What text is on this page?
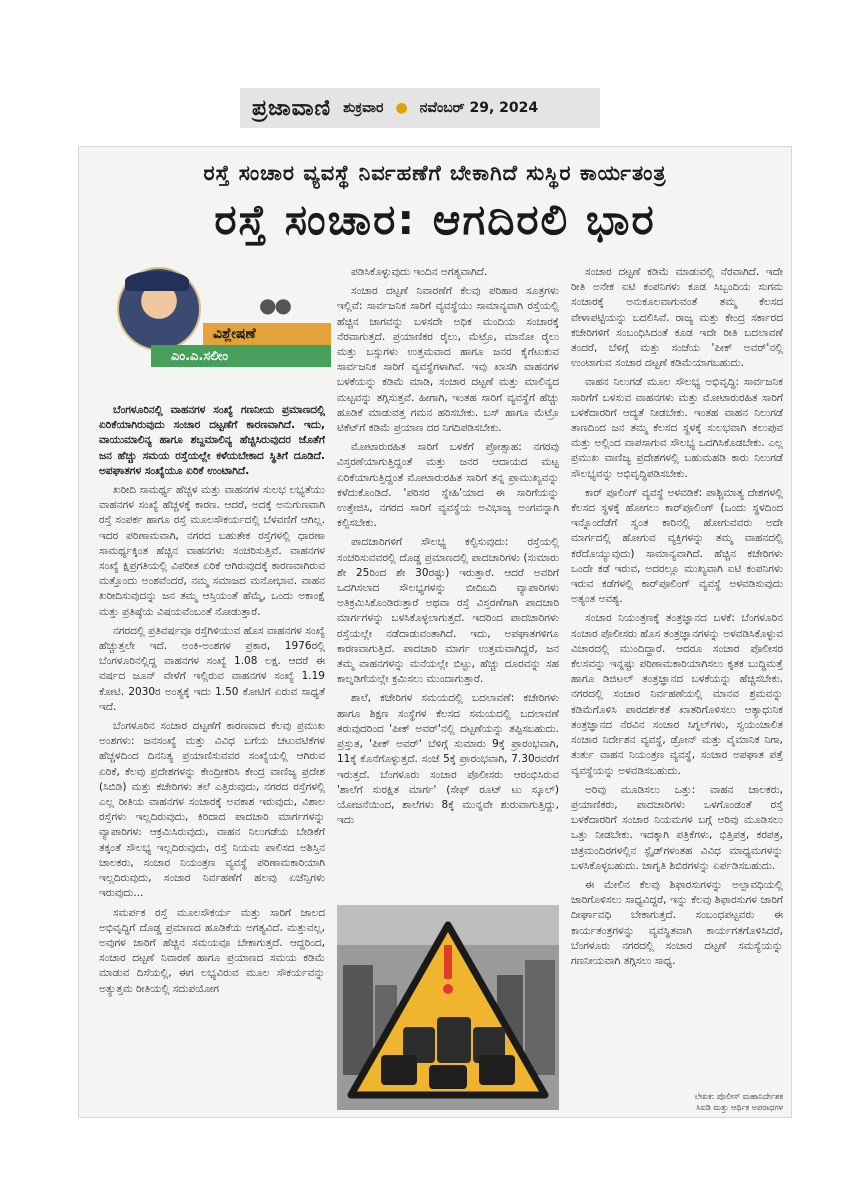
ಪ್ರಜಾವಾಣಿ ಶುಕ್ರವಾರ ● ನವೆಂಬರ್ 29, 2024
ರಸ್ತೆ ಸಂಚಾರ ವ್ಯವಸ್ಥೆ ನಿರ್ವಹಣೆಗೆ ಬೇಕಾಗಿದೆ ಸುಸ್ಥಿರ ಕಾರ್ಯತಂತ್ರ
ರಸ್ತೆ ಸಂಚಾರ: ಆಗದಿರಲಿ ಭಾರ
●●
ವಿಶ್ಲೇಷಣೆ
ಎಂ.ಎ.ಸಲೀಂ

ಬೆಂಗಳೂರಿನಲ್ಲಿ ವಾಹನಗಳ ಸಂಖ್ಯೆ ಗಣನೀಯ ಪ್ರಮಾಣದಲ್ಲಿ ಏರಿಕೆಯಾಗಿರುವುದು ಸಂಚಾರ ದಟ್ಟಣೆಗೆ ಕಾರಣವಾಗಿದೆ. ಇದು, ವಾಯುಮಾಲಿನ್ಯ ಹಾಗೂ ಶಬ್ದಮಾಲಿನ್ಯ ಹೆಚ್ಚಿಸಿರುವುದರ ಜೊತೆಗೆ ಜನ ಹೆಚ್ಚು ಸಮಯ ರಸ್ತೆಯಲ್ಲೇ ಕಳೆಯಬೇಕಾದ ಸ್ಥಿತಿಗೆ ದೂಡಿದೆ. ಅಪಘಾತಗಳ ಸಂಖ್ಯೆಯೂ ಏರಿಕೆ ಉಂಟಾಗಿದೆ.

ಖರೀದಿ ಸಾಮರ್ಥ್ಯ ಹೆಚ್ಚಳ ಮತ್ತು ವಾಹನಗಳ ಸುಲಭ ಲಭ್ಯತೆಯು ವಾಹನಗಳ ಸಂಖ್ಯೆ ಹೆಚ್ಚಳಕ್ಕೆ ಕಾರಣ. ಆದರೆ, ಅದಕ್ಕೆ ಅನುಗುಣವಾಗಿ ರಸ್ತೆ ಸಂಪರ್ಕ ಹಾಗೂ ರಸ್ತೆ ಮೂಲಸೌಕರ್ಯದಲ್ಲಿ ಬೆಳವಣಿಗೆ ಆಗಿಲ್ಲ. ಇದರ ಪರಿಣಾಮವಾಗಿ, ನಗರದ ಬಹುತೇಕ ರಸ್ತೆಗಳಲ್ಲಿ ಧಾರಣಾ ಸಾಮರ್ಥ್ಯಕ್ಕಿಂತ ಹೆಚ್ಚಿನ ವಾಹನಗಳು ಸಂಚರಿಸುತ್ತಿವೆ. ವಾಹನಗಳ ಸಂಖ್ಯೆ ಕ್ಷಿಪ್ರಗತಿಯಲ್ಲಿ ವಿಪರೀತ ಏರಿಕೆ ಆಗಿರುವುದಕ್ಕೆ ಕಾರಣವಾಗಿರುವ ಮತ್ತೊಂದು ಅಂಶವೆಂದರೆ, ನಮ್ಮ ಸಮಾಜದ ಮನೋಭಾವ. ವಾಹನ ಖರೀದಿಸುವುದನ್ನು ಜನ ತಮ್ಮ ಆಸ್ತಿಯಂತೆ ಹೆಮ್ಮೆ, ಒಂದು ಅಕಾಂಕ್ಷೆ ಮತ್ತು ಪ್ರತಿಷ್ಠೆಯ ವಿಷಯವೆಂಬಂತೆ ನೋಡುತ್ತಾರೆ.

ನಗರದಲ್ಲಿ ಪ್ರತಿವರ್ಷವೂ ರಸ್ತೆಗಿಳಿಯುವ ಹೊಸ ವಾಹನಗಳ ಸಂಖ್ಯೆ ಹೆಚ್ಚುತ್ತಲೇ ಇದೆ. ಅಂಕಿ-ಅಂಶಗಳ ಪ್ರಕಾರ, 1976ರಲ್ಲಿ ಬೆಂಗಳೂರಿನಲ್ಲಿದ್ದ ವಾಹನಗಳ ಸಂಖ್ಯೆ 1.08 ಲಕ್ಷ. ಆದರೆ ಈ ವರ್ಷದ ಜೂನ್ ವೇಳೆಗೆ ಇಲ್ಲಿರುವ ವಾಹನಗಳ ಸಂಖ್ಯೆ 1.19 ಕೋಟಿ. 2030ರ ಅಂತ್ಯಕ್ಕೆ ಇದು 1.50 ಕೋಟಿಗೆ ಏರುವ ಸಾಧ್ಯತೆ ಇದೆ.

ಬೆಂಗಳೂರಿನ ಸಂಚಾರ ದಟ್ಟಣೆಗೆ ಕಾರಣವಾದ ಕೆಲವು ಪ್ರಮುಖ ಅಂಶಗಳು: ಜನಸಂಖ್ಯೆ ಮತ್ತು ವಿವಿಧ ಬಗೆಯ ಚಟುವಟಿಕೆಗಳ ಹೆಚ್ಚಳದಿಂದ ದಿನನಿತ್ಯ ಪ್ರಯಾಣಿಸುವವರ ಸಂಖ್ಯೆಯಲ್ಲಿ ಆಗಿರುವ ಏರಿಕೆ, ಕೆಲವು ಪ್ರದೇಶಗಳನ್ನು ಕೇಂದ್ರೀಕರಿಸಿ ಕೇಂದ್ರ ವಾಣಿಜ್ಯ ಪ್ರದೇಶ (ಸಿಬಿಡಿ) ಮತ್ತು ಕಚೇರಿಗಳು ತಲೆ ಎತ್ತಿರುವುದು, ನಗರದ ರಸ್ತೆಗಳಲ್ಲಿ ಎಲ್ಲ ರೀತಿಯ ವಾಹನಗಳ ಸಂಚಾರಕ್ಕೆ ಅವಕಾಶ ಇರುವುದು, ವಿಶಾಲ ರಸ್ತೆಗಳು ಇಲ್ಲದಿರುವುದು, ಕಿರಿದಾದ ಪಾದಚಾರಿ ಮಾರ್ಗಗಳನ್ನು ವ್ಯಾಪಾರಿಗಳು ಆಕ್ರಮಿಸಿರುವುದು, ವಾಹನ ನಿಲುಗಡೆಯ ಬೇಡಿಕೆಗೆ ತಕ್ಕಂತೆ ಸೌಲಭ್ಯ ಇಲ್ಲದಿರುವುದು, ರಸ್ತೆ ನಿಯಮ ಪಾಲಿಸದ ಅಶಿಸ್ತಿನ ಚಾಲಕರು, ಸಂಚಾರ ನಿಯಂತ್ರಣ ವ್ಯವಸ್ಥೆ ಪರಿಣಾಮಕಾರಿಯಾಗಿ ಇಲ್ಲದಿರುವುದು, ಸಂಚಾರ ನಿರ್ವಹಣೆಗೆ ಹಲವು ಏಜೆನ್ಸಿಗಳು ಇರುವುದು...

ಸಮರ್ಪಕ ರಸ್ತೆ ಮೂಲಸೌಕರ್ಯ ಮತ್ತು ಸಾರಿಗೆ ಜಾಲದ ಅಭಿವೃದ್ಧಿಗೆ ದೊಡ್ಡ ಪ್ರಮಾಣದ ಹೂಡಿಕೆಯ ಅಗತ್ಯವಿದೆ. ಮತ್ತುವಲ್ಲ, ಅವುಗಳ ಜಾರಿಗೆ ಹೆಚ್ಚಿನ ಸಮಯವೂ ಬೇಕಾಗುತ್ತದೆ. ಆದ್ದರಿಂದ, ಸಂಚಾರ ದಟ್ಟಣೆ ನಿವಾರಣೆ ಹಾಗೂ ಪ್ರಯಾಣದ ಸಮಯ ಕಡಿಮೆ ಮಾಡುವ ದಿಸೆಯಲ್ಲಿ, ಈಗ ಲಭ್ಯವಿರುವ ಮೂಲ ಸೌಕರ್ಯವನ್ನು ಅತ್ಯುತ್ತಮ ರೀತಿಯಲ್ಲಿ ಸದುಪಯೋಗ

ಪಡಿಸಿಕೊಳ್ಳುವುದು ಇಂದಿನ ಅಗತ್ಯವಾಗಿದೆ.

ಸಂಚಾರ ದಟ್ಟಣೆ ನಿವಾರಣೆಗೆ ಕೆಲವು ಪರಿಹಾರ ಸೂತ್ರಗಳು ಇಲ್ಲಿವೆ: ಸಾರ್ವಜನಿಕ ಸಾರಿಗೆ ವ್ಯವಸ್ಥೆಯು ಸಾಮಾನ್ಯವಾಗಿ ರಸ್ತೆಯಲ್ಲಿ ಹೆಚ್ಚಿನ ಜಾಗವನ್ನು ಬಳಸದೇ ಅಧಿಕ ಮಂದಿಯ ಸಂಚಾರಕ್ಕೆ ನೆರವಾಗುತ್ತದೆ. ಪ್ರಯಾಣಿಕರ ರೈಲು, ಮೆಟ್ರೊ, ಮಾನೋ ರೈಲು ಮತ್ತು ಬಸ್ಸುಗಳು ಉತ್ತಮವಾದ ಹಾಗೂ ಜನರ ಕೈಗೆಟುಕುವ ಸಾರ್ವಜನಿಕ ಸಾರಿಗೆ ವ್ಯವಸ್ಥೆಗಳಾಗಿವೆ. ಇವು ಖಾಸಗಿ ವಾಹನಗಳ ಬಳಕೆಯನ್ನು ಕಡಿಮೆ ಮಾಡಿ, ಸಂಚಾರ ದಟ್ಟಣೆ ಮತ್ತು ಮಾಲಿನ್ಯದ ಮಟ್ಟವನ್ನು ತಗ್ಗಿಸುತ್ತವೆ. ಹೀಗಾಗಿ, ಇಂತಹ ಸಾರಿಗೆ ವ್ಯವಸ್ಥೆಗೆ ಹೆಚ್ಚು ಹೂಡಿಕೆ ಮಾಡುವತ್ತ ಗಮನ ಹರಿಸಬೇಕು. ಬಸ್ ಹಾಗೂ ಮೆಟ್ರೊ ಟಿಕೆಟ್‌ಗೆ ಕಡಿಮೆ ಪ್ರಯಾಣ ದರ ನಿಗದಿಪಡಿಸಬೇಕು.

ಮೋಟಾರುರಹಿತ ಸಾರಿಗೆ ಬಳಕೆಗೆ ಪ್ರೋತ್ಸಾಹ: ನಗರವು ವಿಸ್ತರಣೆಯಾಗುತ್ತಿದ್ದಂತೆ ಮತ್ತು ಜನರ ಆದಾಯದ ಮಟ್ಟ ಏರಿಕೆಯಾಗುತ್ತಿದ್ದಂತೆ ಮೋಟಾರುರಹಿತ ಸಾರಿಗೆ ತನ್ನ ಪ್ರಾಮುಖ್ಯವನ್ನು ಕಳೆದುಕೊಂಡಿದೆ. 'ಪರಿಸರ ಸ್ನೇಹಿ'ಯಾದ ಈ ಸಾರಿಗೆಯನ್ನು ಉತ್ತೇಜಿಸಿ, ನಗರದ ಸಾರಿಗೆ ವ್ಯವಸ್ಥೆಯ ಅವಿಭಾಜ್ಯ ಅಂಗವನ್ನಾಗಿ ಕಲ್ಪಿಸಬೇಕು.

ಪಾದಚಾರಿಗಳಿಗೆ ಸೌಲಭ್ಯ ಕಲ್ಪಿಸುವುದು: ರಸ್ತೆಯಲ್ಲಿ ಸಂಚರಿಸುವವರಲ್ಲಿ ದೊಡ್ಡ ಪ್ರಮಾಣದಲ್ಲಿ ಪಾದಚಾರಿಗಳು (ಸುಮಾರು ಶೇ 25ರಿಂದ ಶೇ 30ರಷ್ಟು) ಇರುತ್ತಾರೆ. ಆದರೆ ಅವರಿಗೆ ಒದಗಿಸಲಾದ ಸೌಲಭ್ಯಗಳನ್ನು ಬೀದಿಬದಿ ವ್ಯಾಪಾರಿಗಳು ಅತಿಕ್ರಮಿಸಿಕೊಂಡಿರುತ್ತಾರೆ ಅಥವಾ ರಸ್ತೆ ವಿಸ್ತರಣೆಗಾಗಿ ಪಾದಚಾರಿ ಮಾರ್ಗಗಳನ್ನು ಬಳಸಿಕೊಳ್ಳಲಾಗುತ್ತದೆ. ಇದರಿಂದ ಪಾದಚಾರಿಗಳು ರಸ್ತೆಯಲ್ಲೇ ನಡೆದಾಡುವಂತಾಗಿದೆ. ಇದು, ಅಪಘಾತಗಳಿಗೂ ಕಾರಣವಾಗುತ್ತಿದೆ. ಪಾದಚಾರಿ ಮಾರ್ಗ ಉತ್ತಮವಾಗಿದ್ದರೆ, ಜನ ತಮ್ಮ ವಾಹನಗಳನ್ನು ಮನೆಯಲ್ಲೇ ಬಿಟ್ಟು, ಹೆಚ್ಚು ದೂರವನ್ನು ಸಹ ಕಾಲ್ನಡಿಗೆಯಲ್ಲೇ ಕ್ರಮಿಸಲು ಮುಂದಾಗುತ್ತಾರೆ.

ಶಾಲೆ, ಕಚೇರಿಗಳ ಸಮಯದಲ್ಲಿ ಬದಲಾವಣೆ: ಕಚೇರಿಗಳು ಹಾಗೂ ಶಿಕ್ಷಣ ಸಂಸ್ಥೆಗಳ ಕೆಲಸದ ಸಮಯದಲ್ಲಿ ಬದಲಾವಣೆ ತರುವುದರಿಂದ 'ಪೀಕ್ ಅವರ್'ನಲ್ಲಿ ದಟ್ಟಣೆಯನ್ನು ತಪ್ಪಿಸಬಹುದು. ಪ್ರಸ್ತುತ, 'ಪೀಕ್ ಅವರ್' ಬೆಳಿಗ್ಗೆ ಸುಮಾರು 9ಕ್ಕೆ ಪ್ರಾರಂಭವಾಗಿ, 11ಕ್ಕೆ ಕೊನೆಗೊಳ್ಳುತ್ತದೆ. ಸಂಜೆ 5ಕ್ಕೆ ಪ್ರಾರಂಭವಾಗಿ, 7.30ರವರೆಗೆ ಇರುತ್ತದೆ. ಬೆಂಗಳೂರು ಸಂಚಾರ ಪೊಲೀಸರು ಆರಂಭಿಸಿರುವ 'ಶಾಲೆಗೆ ಸುರಕ್ಷಿತ ಮಾರ್ಗ' (ಸೇಫ್ ರೂಟ್ ಟು ಸ್ಕೂಲ್) ಯೋಜನೆಯಿಂದ, ಶಾಲೆಗಳು 8ಕ್ಕೆ ಮುನ್ನವೇ ಶುರುವಾಗುತ್ತಿದ್ದು, ಇದು

ಸಂಚಾರ ದಟ್ಟಣೆ ಕಡಿಮೆ ಮಾಡುವಲ್ಲಿ ನೆರವಾಗಿದೆ. ಇದೇ ರೀತಿ ಅನೇಕ ಐಟಿ ಕಂಪನಿಗಳು ಕೂಡ ಸಿಬ್ಬಂದಿಯ ಸುಗಮ ಸಂಚಾರಕ್ಕೆ ಅನುಕೂಲವಾಗುವಂತೆ ತಮ್ಮ ಕೆಲಸದ ವೇಳಾಪಟ್ಟಿಯನ್ನು ಬದಲಿಸಿವೆ. ರಾಜ್ಯ ಮತ್ತು ಕೇಂದ್ರ ಸರ್ಕಾರದ ಕಚೇರಿಗಳಿಗೆ ಸಂಬಂಧಿಸಿದಂತೆ ಕೂಡ ಇದೇ ರೀತಿ ಬದಲಾವಣೆ ತಂದರೆ, ಬೆಳಿಗ್ಗೆ ಮತ್ತು ಸಂಜೆಯ 'ಪೀಕ್ ಅವರ್'ನಲ್ಲಿ ಉಂಟಾಗುವ ಸಂಚಾರ ದಟ್ಟಣೆ ಕಡಿಮೆಯಾಗಬಹುದು.

ವಾಹನ ನಿಲುಗಡೆ ಮೂಲ ಸೌಲಭ್ಯ ಅಭಿವೃದ್ಧಿ: ಸಾರ್ವಜನಿಕ ಸಾರಿಗೆಗೆ ಬಳಸುವ ವಾಹನಗಳು ಮತ್ತು ಮೋಟಾರುರಹಿತ ಸಾರಿಗೆ ಬಳಕೆದಾರರಿಗೆ ಆದ್ಯತೆ ನೀಡಬೇಕು. ಇಂತಹ ವಾಹನ ನಿಲುಗಡೆ ತಾಣದಿಂದ ಜನ ತಮ್ಮ ಕೆಲಸದ ಸ್ಥಳಕ್ಕೆ ಸುಲಭವಾಗಿ ತಲುಪುವ ಮತ್ತು ಅಲ್ಲಿಂದ ವಾಪಸಾಗುವ ಸೌಲಭ್ಯ ಒದಗಿಸಿಕೊಡಬೇಕು. ಎಲ್ಲ ಪ್ರಮುಖ ವಾಣಿಜ್ಯ ಪ್ರದೇಶಗಳಲ್ಲಿ ಬಹುಮಹಡಿ ಕಾರು ನಿಲುಗಡೆ ಸೌಲಭ್ಯವನ್ನು ಅಭಿವೃದ್ಧಿಪಡಿಸಬೇಕು.

ಕಾರ್ ಪೂಲಿಂಗ್ ವ್ಯವಸ್ಥೆ ಅಳವಡಿಕೆ: ಪಾಶ್ಚಿಮಾತ್ಯ ದೇಶಗಳಲ್ಲಿ ಕೆಲಸದ ಸ್ಥಳಕ್ಕೆ ಹೋಗಲು ಕಾರ್‌ಪೂಲಿಂಗ್ (ಒಂದು ಸ್ಥಳದಿಂದ ಇನ್ನೊಂದೆಡೆಗೆ ಸ್ವಂತ ಕಾರಿನಲ್ಲಿ ಹೋಗುವವರು ಅದೇ ಮಾರ್ಗದಲ್ಲಿ ಹೋಗುವ ವ್ಯಕ್ತಿಗಳನ್ನು ತಮ್ಮ ವಾಹನದಲ್ಲಿ ಕರೆದೊಯ್ಯುವುದು) ಸಾಮಾನ್ಯವಾಗಿದೆ. ಹೆಚ್ಚಿನ ಕಚೇರಿಗಳು ಒಂದೇ ಕಡೆ ಇರುವ, ಅದರಲ್ಲೂ ಮುಖ್ಯವಾಗಿ ಐಟಿ ಕಂಪನಿಗಳು ಇರುವ ಕಡೆಗಳಲ್ಲಿ ಕಾರ್‌ಪೂಲಿಂಗ್ ವ್ಯವಸ್ಥೆ ಅಳವಡಿಸುವುದು ಅತ್ಯಂತ ಅವಶ್ಯ.

ಸಂಚಾರ ನಿಯಂತ್ರಣಕ್ಕೆ ತಂತ್ರಜ್ಞಾನದ ಬಳಕೆ: ಬೆಂಗಳೂರಿನ ಸಂಚಾರ ಪೊಲೀಸರು ಹೊಸ ತಂತ್ರಜ್ಞಾನಗಳನ್ನು ಅಳವಡಿಸಿಕೊಳ್ಳುವ ವಿಚಾರದಲ್ಲಿ ಮುಂದಿದ್ದಾರೆ. ಆದರೂ ಸಂಚಾರ ಪೊಲೀಸರ ಕೆಲಸವನ್ನು ಇನ್ನಷ್ಟು ಪರಿಣಾಮಕಾರಿಯಾಗಿಸಲು ಕೃತಕ ಬುದ್ಧಿಮತ್ತೆ ಹಾಗೂ ಡಿಜಿಟಲ್ ತಂತ್ರಜ್ಞಾನದ ಬಳಕೆಯನ್ನು ಹೆಚ್ಚಿಸಬೇಕು. ನಗರದಲ್ಲಿ ಸಂಚಾರ ನಿರ್ವಹಣೆಯಲ್ಲಿ ಮಾನವ ಶ್ರಮವನ್ನು ಕಡಿಮೆಗೊಳಿಸಿ ಪಾರದರ್ಶಕತೆ ಖಾತರಿಗೊಳಿಸಲು ಆತ್ಯಾಧುನಿಕ ತಂತ್ರಜ್ಞಾನದ ನೆರವಿನ ಸಂಚಾರ ಸಿಗ್ನಲ್‌ಗಳು, ಸ್ವಯಂಚಾಲಿತ ಸಂಚಾರ ನಿರ್ದೇಶನ ವ್ಯವಸ್ಥೆ, ಡ್ರೋನ್ ಮತ್ತು ವೈಮಾನಿಕ ನಿಗಾ, ತುರ್ತು ವಾಹನ ನಿಯಂತ್ರಣ ವ್ಯವಸ್ಥೆ, ಸಂಚಾರ ಅಪಘಾತ ಪತ್ತೆ ವ್ಯವಸ್ಥೆಯನ್ನು ಅಳವಡಿಸಬಹುದು.

ಅರಿವು ಮೂಡಿಸಲು ಒತ್ತು: ವಾಹನ ಚಾಲಕರು, ಪ್ರಯಾಣಿಕರು, ಪಾದಚಾರಿಗಳು ಒಳಗೊಂಡಂತೆ ರಸ್ತೆ ಬಳಕೆದಾರರಿಗೆ ಸಂಚಾರ ನಿಯಮಗಳ ಬಗ್ಗೆ ಅರಿವು ಮೂಡಿಸಲು ಒತ್ತು ನೀಡಬೇಕು. ಇದಕ್ಕಾಗಿ ಪತ್ರಿಕೆಗಳು, ಭಿತ್ತಿಪತ್ರ, ಕರಪತ್ರ, ಚಿತ್ರಮಂದಿರಗಳಲ್ಲಿನ ಸ್ಲೈಡ್‌ಗಳಂತಹ ವಿವಿಧ ಮಾಧ್ಯಮಗಳನ್ನು ಬಳಸಿಕೊಳ್ಳಬಹುದು. ಜಾಗೃತಿ ಶಿಬಿರಗಳನ್ನು ಏರ್ಪಡಿಸಬಹುದು.

ಈ ಮೇಲಿನ ಕೆಲವು ಶಿಫಾರಸುಗಳನ್ನು ಅಲ್ಪಾವಧಿಯಲ್ಲಿ ಜಾರಿಗೊಳಿಸಲು ಸಾಧ್ಯವಿದ್ದರೆ, ಇನ್ನು ಕೆಲವು ಶಿಫಾರಸುಗಳ ಜಾರಿಗೆ ದೀರ್ಘಾವಧಿ ಬೇಕಾಗುತ್ತದೆ. ಸಂಬಂಧಪಟ್ಟವರು ಈ ಕಾರ್ಯತಂತ್ರಗಳನ್ನು ವ್ಯವಸ್ಥಿತವಾಗಿ ಕಾರ್ಯಗತಗೊಳಿಸಿದರೆ, ಬೆಂಗಳೂರು ನಗರದಲ್ಲಿ ಸಂಚಾರ ದಟ್ಟಣೆ ಸಮಸ್ಯೆಯನ್ನು ಗಣನೀಯವಾಗಿ ತಗ್ಗಿಸಲು ಸಾಧ್ಯ.

ಲೇಖಕ: ಪೊಲೀಸ್ ಮಹಾನಿರ್ದೇಶಕ
ಸಿಐಡಿ ಮತ್ತು ಆರ್ಥಿಕ ಅಪರಾಧಗಳ
